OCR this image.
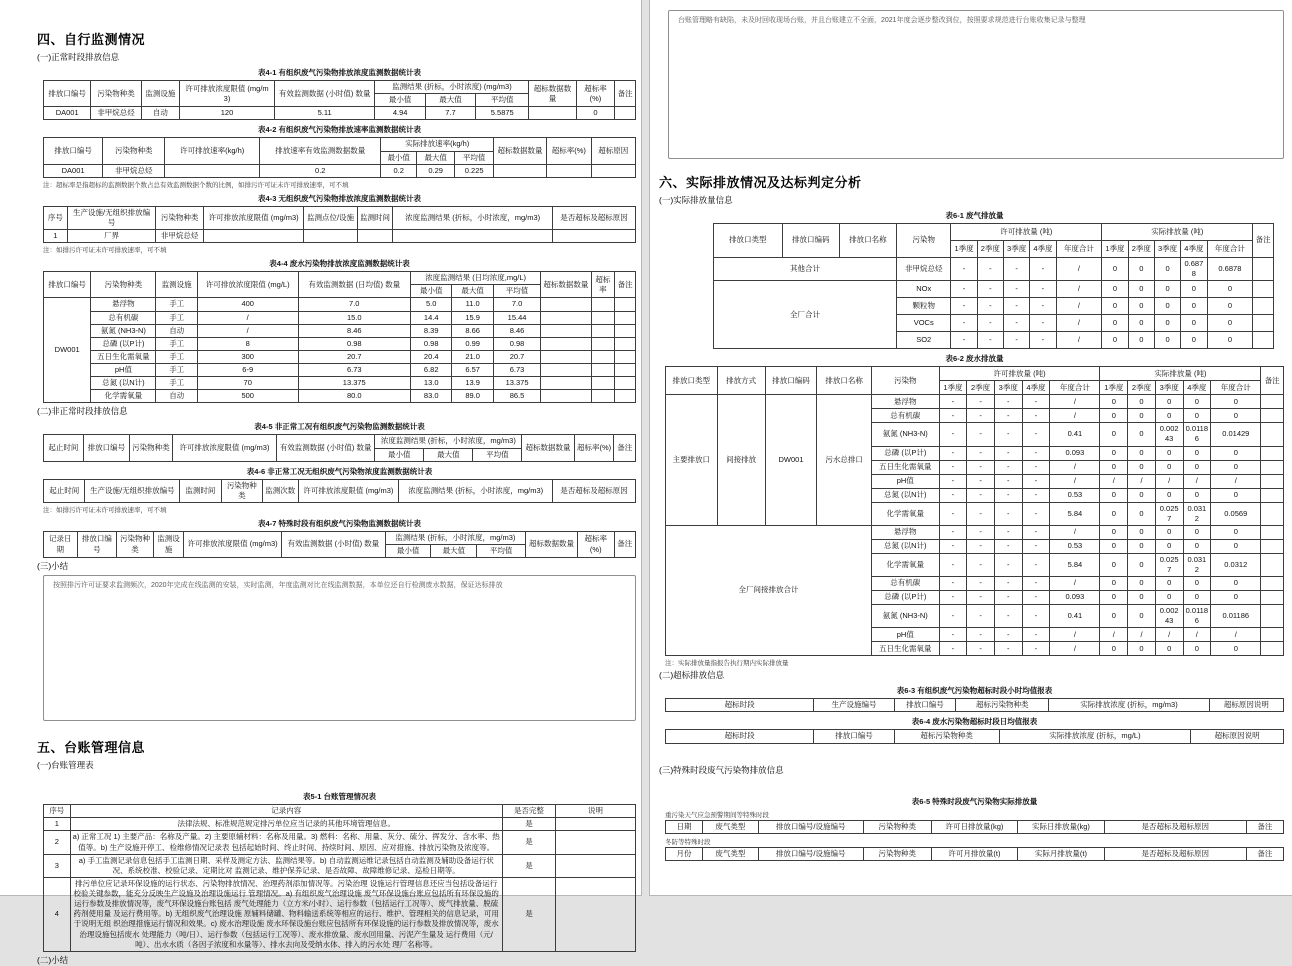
四、自行监测情况
(一)正常时段排放信息
表4-1 有组织废气污染物排放浓度监测数据统计表
排放口编号	污染物种类	监测设施	许可排放浓度限值 (mg/m3)	有效监测数据 (小时值) 数量	监测结果 (折标，小时浓度) (mg/m3)			超标数据数量	超标率(%)	备注
					最小值	最大值	平均值			
DA001	非甲烷总烃	自动	120	5.11	4.94	7.7	5.5875		0	
表4-2 有组织废气污染物排放速率监测数据统计表
排放口编号	污染物种类	许可排放速率(kg/h)	排放速率有效监测数据数量	实际排放速率(kg/h)			超标数据数量	超标率(%)	超标原因
				最小值	最大值	平均值			
DA001	非甲烷总烃		0.2	0.2	0.29	0.225			
注：超标率是指超标的监测数据个数占总有效监测数据个数的比例，如排污许可证未许可排放速率，可不填
表4-3 无组织废气污染物排放浓度监测数据统计表
序号	生产设施/无组织排放编号	污染物种类	许可排放浓度限值 (mg/m3)	监测点位/设施	监测时间	浓度监测结果 (折标，小时浓度，mg/m3)	是否超标及超标原因
1	厂界	非甲烷总烃					
注：如排污许可证未许可排放速率，可不填
表4-4 废水污染物排放浓度监测数据统计表
排放口编号	污染物种类	监测设施	许可排放浓度限值 (mg/L)	有效监测数据 (日均值) 数量	浓度监测结果 (日均浓度,mg/L)			超标数据数量	超标率	备注
					最小值	最大值	平均值			
DW001	悬浮物	手工	400	7.0	5.0	11.0	7.0			
	总有机碳	手工	/	15.0	14.4	15.9	15.44			
	氨氮 (NH3-N)	自动	/	8.46	8.39	8.66	8.46			
	总磷 (以P计)	手工	8	0.98	0.98	0.99	0.98			
	五日生化需氧量	手工	300	20.7	20.4	21.0	20.7			
	pH值	手工	6-9	6.73	6.82	6.57	6.73			
	总氮 (以N计)	手工	70	13.375	13.0	13.9	13.375			
	化学需氧量	自动	500	80.0	83.0	89.0	86.5			
(二)非正常时段排放信息
表4-5 非正常工况有组织废气污染物监测数据统计表
起止时间	排放口编号	污染物种类	许可排放浓度限值 (mg/m3)	有效监测数据 (小时值) 数量	浓度监测结果 (折标，小时浓度，mg/m3)			超标数据数量	超标率(%)	备注
					最小值	最大值	平均值			
表4-6 非正常工况无组织废气污染物浓度监测数据统计表
起止时间	生产设施/无组织排放编号	监测时间	污染物种类	监测次数	许可排放浓度限值 (mg/m3)	浓度监测结果 (折标，小时浓度，mg/m3)	是否超标及超标原因
注：如排污许可证未许可排放速率，可不填
表4-7 特殊时段有组织废气污染物监测数据统计表
记录日期	排放口编号	污染物种类	监测设施	许可排放浓度限值 (mg/m3)	有效监测数据 (小时值) 数量	监测结果 (折标，小时浓度，mg/m3)			超标数据数量	超标率(%)	备注
						最小值	最大值	平均值			
(三)小结
按照排污许可证要求监测频次，2020年完成在线监测的安装，实时监测，年度监测对比在线监测数据，本单位还自行检测废水数据，保证达标排放
五、台账管理信息
(一)台账管理表
表5-1 台账管理情况表
序号	记录内容	是否完整	说明
1	法律法规、标准规范规定排污单位应当记录的其他环境管理信息。	是	
2	a) 正常工况 1) 主要产品：名称及产量。2) 主要原辅材料：名称及用量。3) 燃料：名称、用量、灰分、硫分、挥发分、含水率、热值等。b) 生产设施开停工、检维修情况记录表 包括起始时间、终止时间、持续时间、原因、应对措施、排放污染物及浓度等。	是	
3	a) 手工监测记录信息包括手工监测日期、采样及测定方法、监测结果等。b) 自动监测运维记录包括自动监测及辅助设备运行状况、系统校准、校验记录、定期比对 监测记录、维护保养记录、是否故障、故障维修记录、巡检日期等。	是	
4	排污单位应记录环保设施的运行状态、污染物排放情况、治理药剂添加情况等。污染治理 设施运行管理信息还应当包括设备运行校验关键参数，能充分反映生产设施及治理设施运行 管理情况。a) 有组织废气治理设施 废气环保设施台账应包括所有环保设施的运行参数及排放情况等，废气环保设施台账包括 废气处理能力（立方米/小时）、运行参数（包括运行工况等）、废气排放量、脱硫药剂使用量 及运行费用等。b) 无组织废气治理设施 原辅料储罐、物料输送系统等相应的运行、维护、管理相关的信息记录，可用于说明无组 织治理措施运行情况和效果。c) 废水治理设施 废水环保设施台账应包括所有环保设施的运行参数及排放情况等，废水治理设施包括废水 处理能力（吨/日）、运行参数（包括运行工况等）、废水排放量、废水回用量、污泥产生量及 运行费用（元/吨）、出水水质（各因子浓度和水量等）、排水去向及受纳水体、排入的污水处 理厂名称等。	是	
(二)小结
台账管理略有缺陷，未及时回收现场台账，并且台账建立不全面，2021年度会逐步整改到位，按照要求规范进行台账收集记录与整理
六、实际排放情况及达标判定分析
(一)实际排放量信息
表6-1 废气排放量
排放口类型	排放口编码	排放口名称	污染物	许可排放量 (吨)					实际排放量 (吨)					备注
				1季度	2季度	3季度	4季度	年度合计	1季度	2季度	3季度	4季度	年度合计	
其他合计			非甲烷总烃	-	-	-	-	/	0	0	0	0.6878	0.6878	
全厂合计			NOx	-	-	-	-	/	0	0	0	0	0	
			颗粒物	-	-	-	-	/	0	0	0	0	0	
			VOCs	-	-	-	-	/	0	0	0	0	0	
			SO2	-	-	-	-	/	0	0	0	0	0	
表6-2 废水排放量
排放口类型	排放方式	排放口编码	排放口名称	污染物	许可排放量 (吨)					实际排放量 (吨)					备注
					1季度	2季度	3季度	4季度	年度合计	1季度	2季度	3季度	4季度	年度合计	
主要排放口	间接排放	DW001	污水总排口	悬浮物	-	-	-	-	/	0	0	0	0	0	
				总有机碳	-	-	-	-	/	0	0	0	0	0	
				氨氮 (NH3-N)	-	-	-	-	0.41	0	0	0.00243	0.01186	0.01429	
				总磷 (以P计)	-	-	-	-	0.093	0	0	0	0	0	
				五日生化需氧量	-	-	-	-	/	0	0	0	0	0	
				pH值	-	-	-	-	/	/	/	/	/	/	
				总氮 (以N计)	-	-	-	-	0.53	0	0	0	0	0	
				化学需氧量	-	-	-	-	5.84	0	0	0.0257	0.0312	0.0569	
全厂间接排放合计				悬浮物	-	-	-	-	/	0	0	0	0	0	
				总氮 (以N计)	-	-	-	-	0.53	0	0	0	0	0	
				化学需氧量	-	-	-	-	5.84	0	0	0.0257	0.0312	0.0312	
				总有机碳	-	-	-	-	/	0	0	0	0	0	
				总磷 (以P计)	-	-	-	-	0.093	0	0	0	0	0	
				氨氮 (NH3-N)	-	-	-	-	0.41	0	0	0.00243	0.01186	0.01186	
				pH值	-	-	-	-	/	/	/	/	/	/	
				五日生化需氧量	-	-	-	-	/	0	0	0	0	0	
注：实际排放量指报告执行期内实际排放量
(二)超标排放信息
表6-3 有组织废气污染物超标时段小时均值报表
超标时段	生产设施编号	排放口编号	超标污染物种类	实际排放浓度 (折标，mg/m3)	超标原因说明
表6-4 废水污染物超标时段日均值报表
超标时段	排放口编号	超标污染物种类	实际排放浓度 (折标，mg/L)	超标原因说明
(三)特殊时段废气污染物排放信息
表6-5 特殊时段废气污染物实际排放量
重污染天气应急预警期间等特殊时段
日期	废气类型	排放口编号/设施编号	污染物种类	许可日排放量(kg)	实际日排放量(kg)	是否超标及超标原因	备注
冬防等特殊时段
月份	废气类型	排放口编号/设施编号	污染物种类	许可月排放量(t)	实际月排放量(t)	是否超标及超标原因	备注
